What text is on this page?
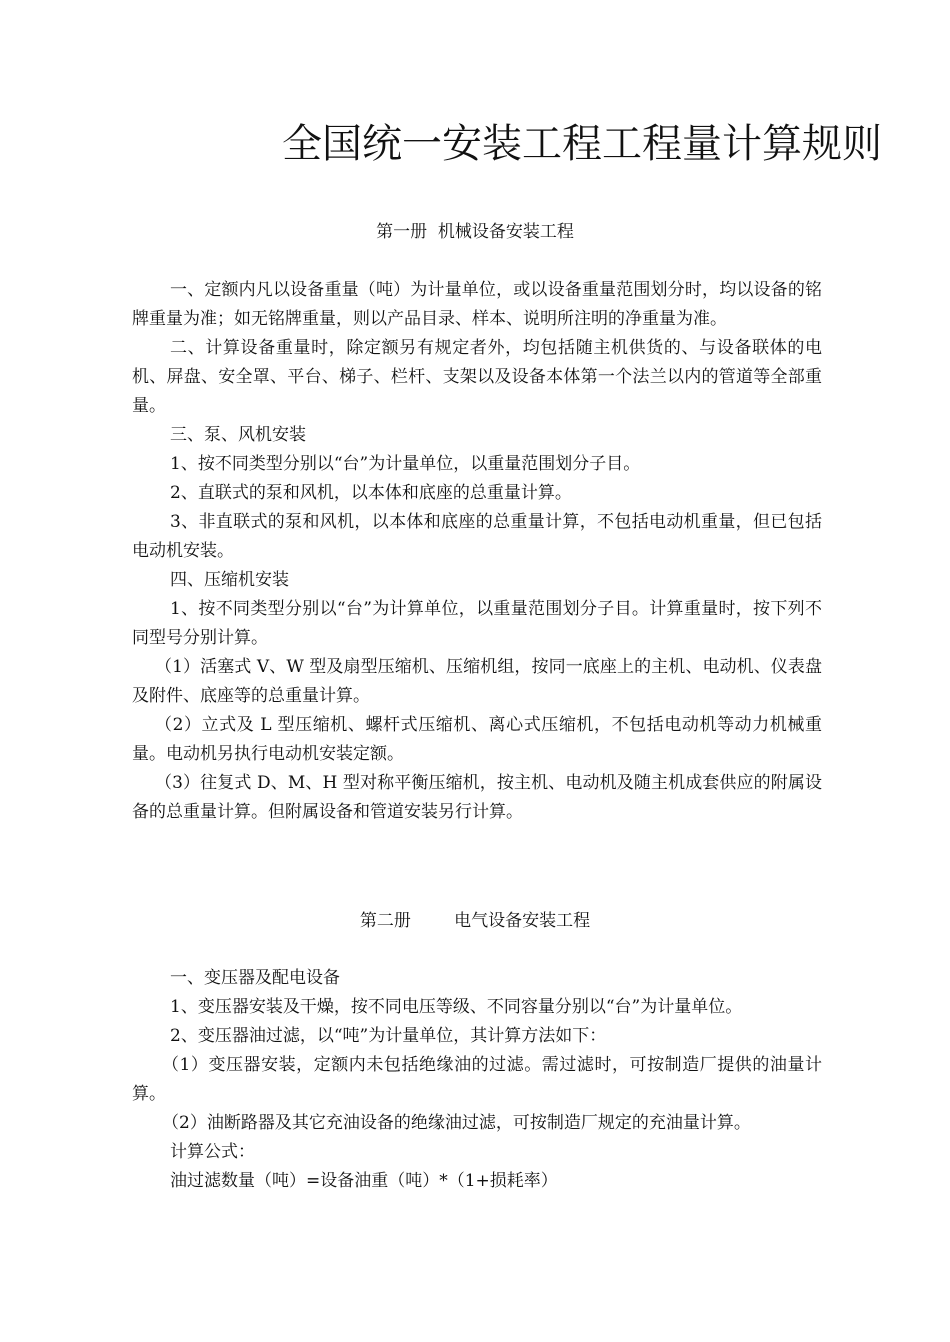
全国统一安装工程工程量计算规则
第一册  机械设备安装工程

一、定额内凡以设备重量（吨）为计量单位，或以设备重量范围划分时，均以设备的铭牌重量为准；如无铭牌重量，则以产品目录、样本、说明所注明的净重量为准。

二、计算设备重量时，除定额另有规定者外，均包括随主机供货的、与设备联体的电机、屏盘、安全罩、平台、梯子、栏杆、支架以及设备本体第一个法兰以内的管道等全部重量。

三、泵、风机安装

1、按不同类型分别以“台”为计量单位，以重量范围划分子目。

2、直联式的泵和风机，以本体和底座的总重量计算。

3、非直联式的泵和风机，以本体和底座的总重量计算，不包括电动机重量，但已包括电动机安装。

四、压缩机安装

1、按不同类型分别以“台”为计算单位，以重量范围划分子目。计算重量时，按下列不同型号分别计算。

（1）活塞式 V、W 型及扇型压缩机、压缩机组，按同一底座上的主机、电动机、仪表盘及附件、底座等的总重量计算。

（2）立式及 L 型压缩机、螺杆式压缩机、离心式压缩机，不包括电动机等动力机械重量。电动机另执行电动机安装定额。

（3）往复式 D、M、H 型对称平衡压缩机，按主机、电动机及随主机成套供应的附属设备的总重量计算。但附属设备和管道安装另行计算。

第二册        电气设备安装工程

一、变压器及配电设备

1、变压器安装及干燥，按不同电压等级、不同容量分别以“台”为计量单位。

2、变压器油过滤，以“吨”为计量单位，其计算方法如下：

（1）变压器安装，定额内未包括绝缘油的过滤。需过滤时，可按制造厂提供的油量计算。

（2）油断路器及其它充油设备的绝缘油过滤，可按制造厂规定的充油量计算。

计算公式：

油过滤数量（吨）=设备油重（吨）*（1+损耗率）
